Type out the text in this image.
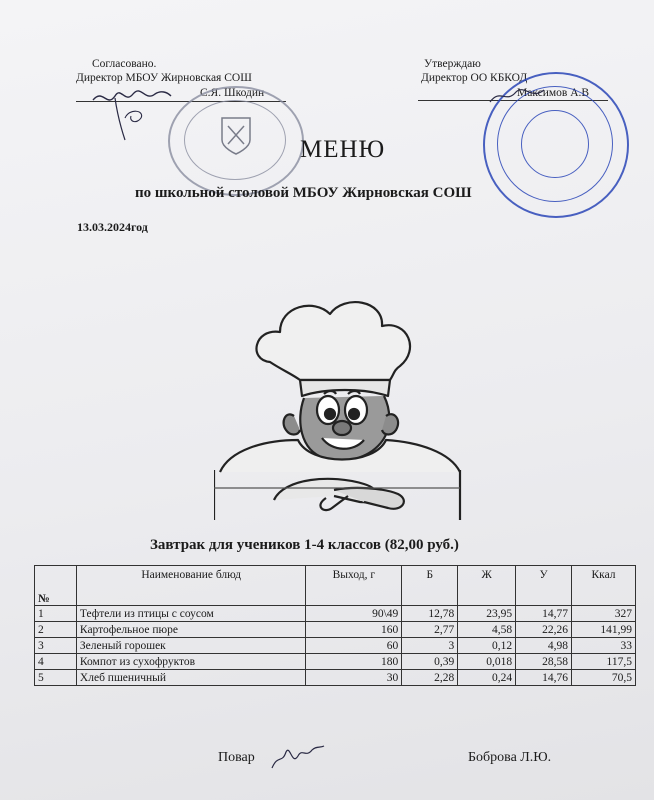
Согласовано.
Директор МБОУ Жирновская СОШ
С.Я. Шкодин
Утверждаю
Директор ОО КБКОД
Максимов А.В
МЕНЮ
по школьной столовой МБОУ Жирновская СОШ
13.03.2024год
Завтрак для учеников 1-4 классов (82,00 руб.)
№	Наименование блюд	Выход, г	Б	Ж	У	Ккал
1	Тефтели из птицы с соусом	90\49	12,78	23,95	14,77	327
2	Картофельное пюре	160	2,77	4,58	22,26	141,99
3	Зеленый горошек	60	3	0,12	4,98	33
4	Компот из сухофруктов	180	0,39	0,018	28,58	117,5
5	Хлеб пшеничный	30	2,28	0,24	14,76	70,5
Повар	Боброва Л.Ю.
